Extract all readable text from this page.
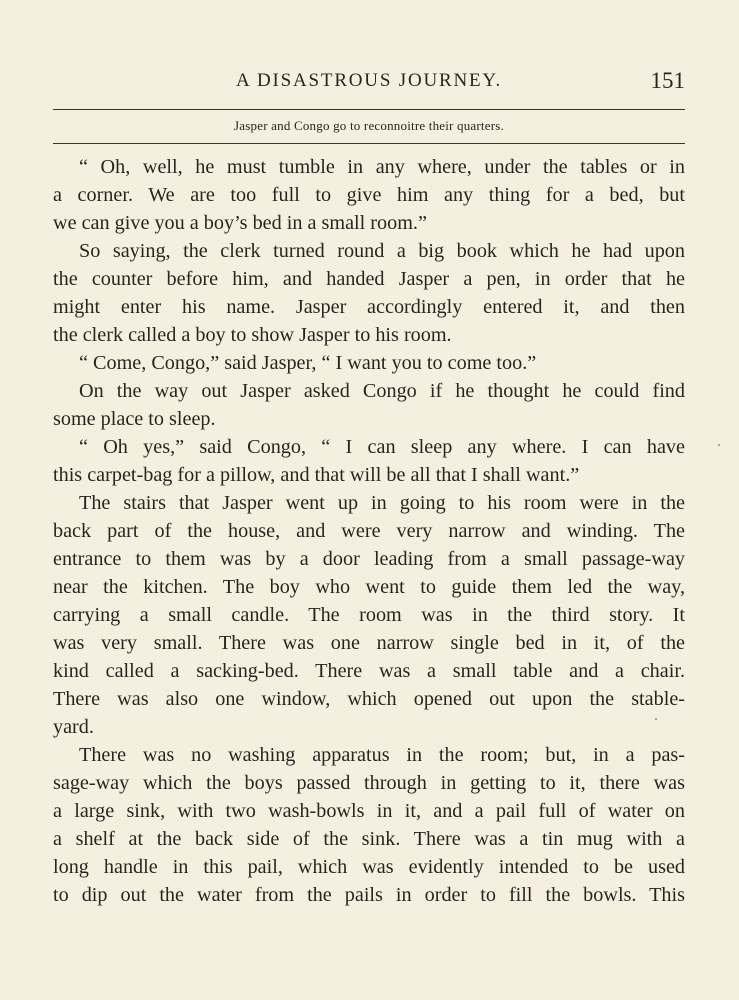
A DISASTROUS JOURNEY.	151
Jasper and Congo go to reconnoitre their quarters.
“ Oh, well, he must tumble in any where, under the tables or in
a corner. We are too full to give him any thing for a bed, but
we can give you a boy’s bed in a small room.”
So saying, the clerk turned round a big book which he had upon
the counter before him, and handed Jasper a pen, in order that he
might enter his name. Jasper accordingly entered it, and then
the clerk called a boy to show Jasper to his room.
“ Come, Congo,” said Jasper, “ I want you to come too.”
On the way out Jasper asked Congo if he thought he could find
some place to sleep.
“ Oh yes,” said Congo, “ I can sleep any where. I can have
this carpet-bag for a pillow, and that will be all that I shall want.”
The stairs that Jasper went up in going to his room were in the
back part of the house, and were very narrow and winding. The
entrance to them was by a door leading from a small passage-way
near the kitchen. The boy who went to guide them led the way,
carrying a small candle. The room was in the third story. It
was very small. There was one narrow single bed in it, of the
kind called a sacking-bed. There was a small table and a chair.
There was also one window, which opened out upon the stable-
yard.
There was no washing apparatus in the room; but, in a pas-
sage-way which the boys passed through in getting to it, there was
a large sink, with two wash-bowls in it, and a pail full of water on
a shelf at the back side of the sink. There was a tin mug with a
long handle in this pail, which was evidently intended to be used
to dip out the water from the pails in order to fill the bowls. This
